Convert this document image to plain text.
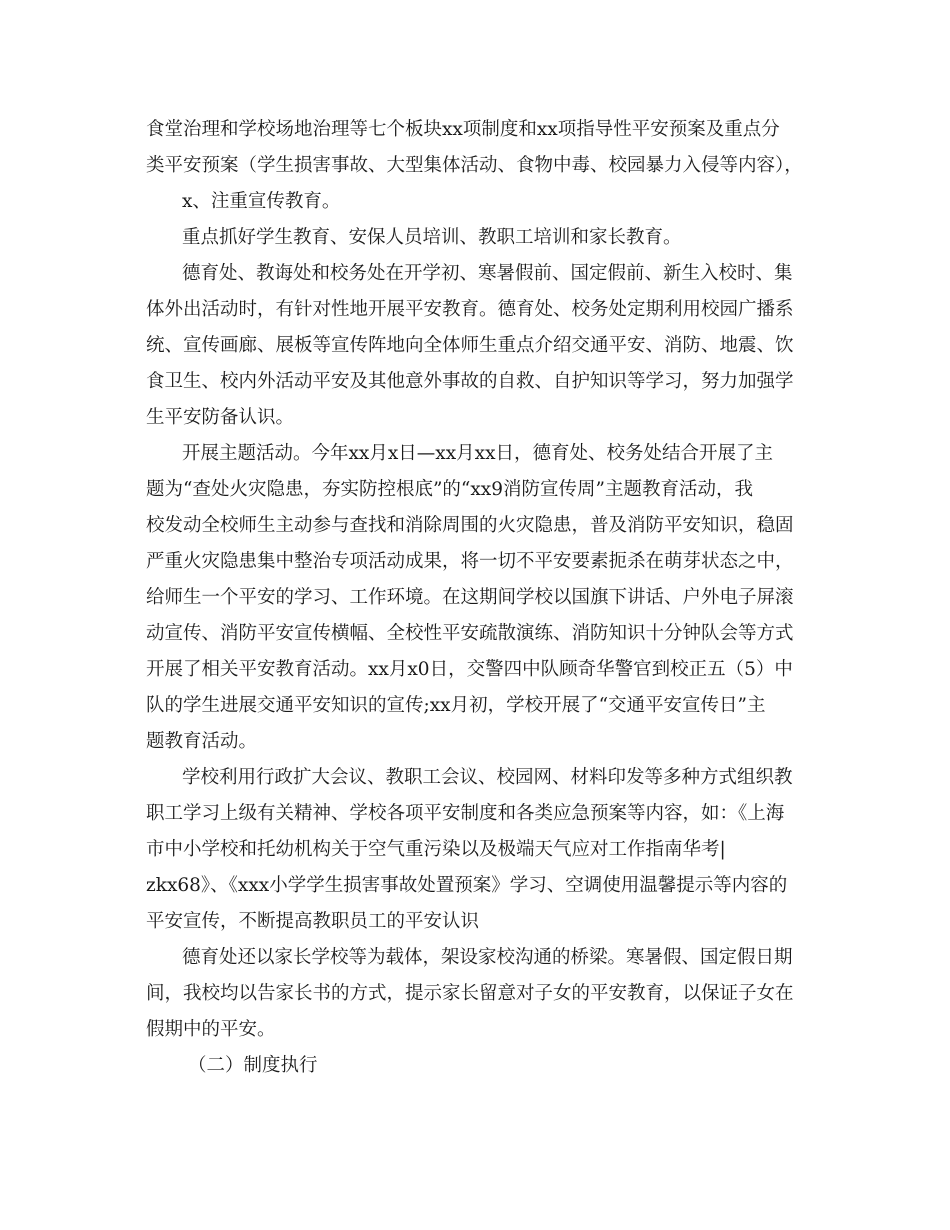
食堂治理和学校场地治理等七个板块xx项制度和xx项指导性平安预案及重点分

类平安预案（学生损害事故、大型集体活动、食物中毒、校园暴力入侵等内容），

x、注重宣传教育。

重点抓好学生教育、安保人员培训、教职工培训和家长教育。

德育处、教诲处和校务处在开学初、寒暑假前、国定假前、新生入校时、集

体外出活动时，有针对性地开展平安教育。德育处、校务处定期利用校园广播系

统、宣传画廊、展板等宣传阵地向全体师生重点介绍交通平安、消防、地震、饮

食卫生、校内外活动平安及其他意外事故的自救、自护知识等学习，努力加强学

生平安防备认识。

开展主题活动。今年xx月x日—xx月xx日，德育处、校务处结合开展了主

题为“查处火灾隐患，夯实防控根底”的“xx9消防宣传周”主题教育活动，我

校发动全校师生主动参与查找和消除周围的火灾隐患，普及消防平安知识，稳固

严重火灾隐患集中整治专项活动成果，将一切不平安要素扼杀在萌芽状态之中，

给师生一个平安的学习、工作环境。在这期间学校以国旗下讲话、户外电子屏滚

动宣传、消防平安宣传横幅、全校性平安疏散演练、消防知识十分钟队会等方式

开展了相关平安教育活动。xx月x0日，交警四中队顾奇华警官到校正五（5）中

队的学生进展交通平安知识的宣传;xx月初，学校开展了“交通平安宣传日”主

题教育活动。

学校利用行政扩大会议、教职工会议、校园网、材料印发等多种方式组织教

职工学习上级有关精神、学校各项平安制度和各类应急预案等内容，如：《上海

市中小学校和托幼机构关于空气重污染以及极端天气应对工作指南华考|

zkx68》、《xxx小学学生损害事故处置预案》学习、空调使用温馨提示等内容的

平安宣传，不断提高教职员工的平安认识

德育处还以家长学校等为载体，架设家校沟通的桥梁。寒暑假、国定假日期

间，我校均以告家长书的方式，提示家长留意对子女的平安教育，以保证子女在

假期中的平安。

（二）制度执行
